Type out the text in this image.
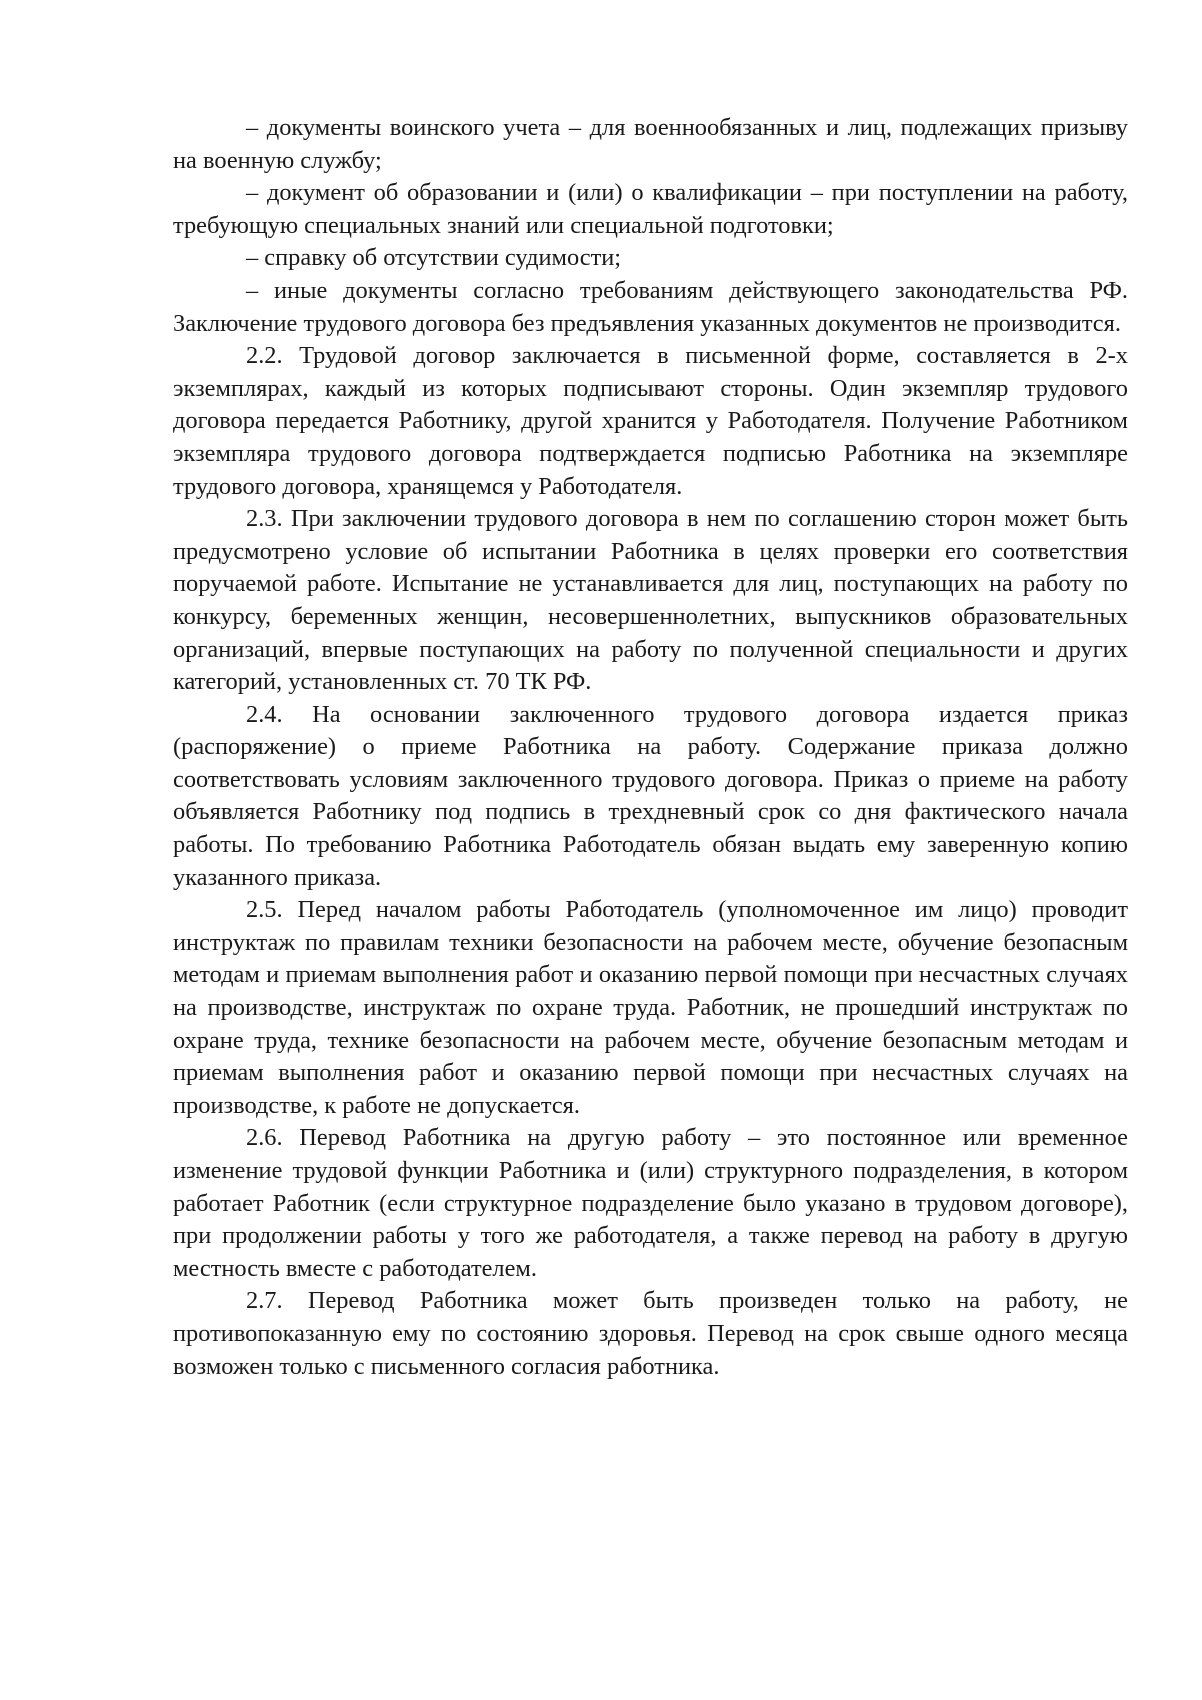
– документы воинского учета – для военнообязанных и лиц, подлежащих призыву на военную службу;

– документ об образовании и (или) о квалификации – при поступлении на работу, требующую специальных знаний или специальной подготовки;

– справку об отсутствии судимости;

– иные документы согласно требованиям действующего законодательства РФ. Заключение трудового договора без предъявления указанных документов не производится.

2.2. Трудовой договор заключается в письменной форме, составляется в 2-х экземплярах, каждый из которых подписывают стороны. Один экземпляр трудового договора передается Работнику, другой хранится у Работодателя. Получение Работником экземпляра трудового договора подтверждается подписью Работника на экземпляре трудового договора, хранящемся у Работодателя.

2.3. При заключении трудового договора в нем по соглашению сторон может быть предусмотрено условие об испытании Работника в целях проверки его соответствия поручаемой работе. Испытание не устанавливается для лиц, поступающих на работу по конкурсу, беременных женщин, несовершеннолетних, выпускников образовательных организаций, впервые поступающих на работу по полученной специальности и других категорий, установленных ст. 70 ТК РФ.

2.4. На основании заключенного трудового договора издается приказ (распоряжение) о приеме Работника на работу. Содержание приказа должно соответствовать условиям заключенного трудового договора. Приказ о приеме на работу объявляется Работнику под подпись в трехдневный срок со дня фактического начала работы. По требованию Работника Работодатель обязан выдать ему заверенную копию указанного приказа.

2.5. Перед началом работы Работодатель (уполномоченное им лицо) проводит инструктаж по правилам техники безопасности на рабочем месте, обучение безопасным методам и приемам выполнения работ и оказанию первой помощи при несчастных случаях на производстве, инструктаж по охране труда. Работник, не прошедший инструктаж по охране труда, технике безопасности на рабочем месте, обучение безопасным методам и приемам выполнения работ и оказанию первой помощи при несчастных случаях на производстве, к работе не допускается.

2.6. Перевод Работника на другую работу – это постоянное или временное изменение трудовой функции Работника и (или) структурного подразделения, в котором работает Работник (если структурное подразделение было указано в трудовом договоре), при продолжении работы у того же работодателя, а также перевод на работу в другую местность вместе с работодателем.

2.7. Перевод Работника может быть произведен только на работу, не противопоказанную ему по состоянию здоровья. Перевод на срок свыше одного месяца возможен только с письменного согласия работника.
